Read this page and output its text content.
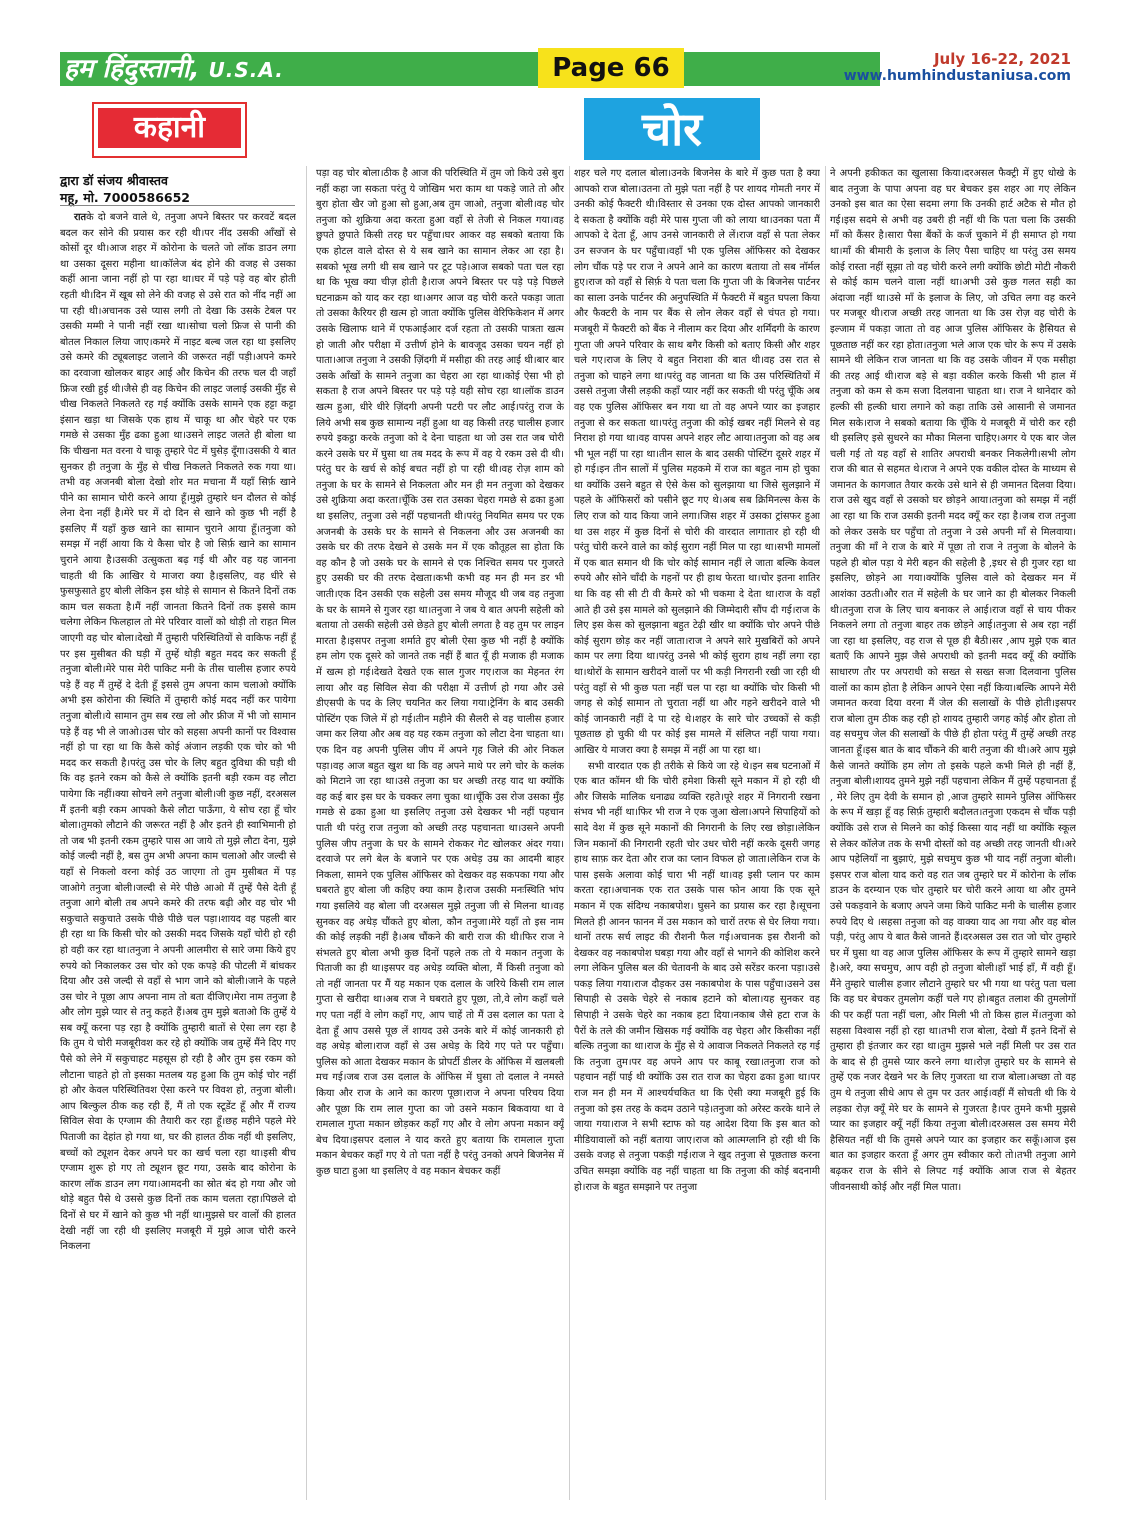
हम हिंदुस्तानी, U.S.A.	Page 66	July 16-22, 2021
www.humhindustaniusa.com
कहानी	चोर
द्वारा डॉ संजय श्रीवास्तव
महू, मो. 7000586652

रातके दो बजने वाले थे, तनुजा अपने बिस्तर पर करवटें बदल बदल कर सोने की प्रयास कर रही थी।पर नींद उसकी आँखों से कोसों दूर थी।आज शहर में कोरोना के चलते जो लॉक डाउन लगा था उसका दूसरा महीना था।कॉलेज बंद होने की वजह से उसका कहीं आना जाना नहीं हो पा रहा था।घर में पड़े पड़े वह बोर होती रहती थी।दिन में खूब सो लेने की वजह से उसे रात को नींद नहीं आ पा रही थी।अचानक उसे प्यास लगी तो देखा कि उसके टेबल पर उसकी मम्मी ने पानी नहीं रखा था।सोचा चलो फ्रिज से पानी की बोतल निकाल लिया जाए।कमरे में नाइट बल्ब जल रहा था इसलिए उसे कमरे की ट्यूबलाइट जलाने की जरूरत नहीं पड़ी।अपने कमरे का दरवाजा खोलकर बाहर आई और किचेन की तरफ चल दी जहाँ फ्रिज रखी हुई थी।जैसे ही वह किचेन की लाइट जलाई उसकी मुँह से चीख निकलते निकलते रह गई क्योंकि उसके सामने एक हट्टा कट्टा इंसान खड़ा था जिसके एक हाथ में चाकू था और चेहरे पर एक गमछे से उसका मुँह ढका हुआ था।उसने लाइट जलते ही बोला था कि चीखना मत वरना ये चाकू तुम्हारे पेट में घुसेड़ दूँगा।उसकी ये बात सुनकर ही तनुजा के मुँह से चीख निकलते निकलते रुक गया था।तभी वह अजनबी बोला देखो शोर मत मचाना मैं यहाँ सिर्फ़ खाने पीने का सामान चोरी करने आया हूँ।मुझे तुम्हारे धन दौलत से कोई लेना देना नहीं है।मेरे घर में दो दिन से खाने को कुछ भी नहीं है इसलिए मैं यहाँ कुछ खाने का सामान चुराने आया हूँ।तनुजा को समझ में नहीं आया कि ये कैसा चोर है जो सिर्फ़ खाने का सामान चुराने आया है।उसकी उत्सुकता बढ़ गई थी और वह यह जानना चाहती थी कि आखिर ये माजरा क्या है।इसलिए, वह धीरे से फुसफुसाते हुए बोली लेकिन इस थोड़े से सामान से कितने दिनों तक काम चल सकता है।मैं नहीं जानता कितने दिनों तक इससे काम चलेगा लेकिन फिलहाल तो मेरे परिवार वालों को थोड़ी तो राहत मिल जाएगी वह चोर बोला।देखो मैं तुम्हारी परिस्थितियों से वाकिफ नहीं हूँ पर इस मुसीबत की घड़ी में तुम्हें थोड़ी बहुत मदद कर सकती हूँ तनुजा बोली।मेरे पास मेरी पाकिट मनी के तीस चालीस हजार रुपये पड़े हैं वह मैं तुम्हें दे देती हूँ इससे तुम अपना काम चलाओ क्योंकि अभी इस कोरोना की स्थिति में तुम्हारी कोई मदद नहीं कर पायेगा तनुजा बोली।ये सामान तुम सब रख लो और फ्रीज में भी जो सामान पड़े हैं वह भी ले जाओ।उस चोर को सहसा अपनी कानों पर विश्वास नहीं हो पा रहा था कि कैसे कोई अंजान लड़की एक चोर को भी मदद कर सकती है।परंतु उस चोर के लिए बहुत दुविधा की घड़ी थी कि वह इतने रकम को कैसे ले क्योंकि इतनी बड़ी रकम वह लौटा पायेगा कि नहीं।क्या सोचने लगे तनुजा बोली।जी कुछ नहीं, दरअसल मैं इतनी बड़ी रकम आपको कैसे लौटा पाऊँगा, ये सोच रहा हूँ चोर बोला।तुमको लौटाने की जरूरत नहीं है और इतने ही स्वाभिमानी हो तो जब भी इतनी रकम तुम्हारे पास आ जाये तो मुझे लौटा देना, मुझे कोई जल्दी नहीं है, बस तुम अभी अपना काम चलाओ और जल्दी से यहाँ से निकलो वरना कोई उठ जाएगा तो तुम मुसीबत में पड़ जाओगे तनुजा बोली।जल्दी से मेरे पीछे आओ मैं तुम्हें पैसे देती हूँ तनुजा आगे बोली तब अपने कमरे की तरफ बढ़ी और वह चोर भी सकुचाते सकुचाते उसके पीछे पीछे चल पड़ा।शायद वह पहली बार ही रहा था कि किसी चोर को उसकी मदद जिसके यहाँ चोरी हो रही हो वही कर रहा था।तनुजा ने अपनी आलमीरा से सारे जमा किये हुए रुपये को निकालकर उस चोर को एक कपड़े की पोटली में बांधकर दिया और उसे जल्दी से वहाँ से भाग जाने को बोली।जाने के पहले उस चोर ने पूछा आप अपना नाम तो बता दीजिए।मेरा नाम तनुजा है और लोग मुझे प्यार से तनु कहते हैं।अब तुम मुझे बताओ कि तुम्हें ये सब क्यूँ करना पड़ रहा है क्योंकि तुम्हारी बातों से ऐसा लग रहा है कि तुम ये चोरी मजबूरीवश कर रहे हो क्योंकि जब तुम्हें मैंने दिए गए पैसे को लेने में सकुचाहट महसूस हो रही है और तुम इस रकम को लौटाना चाहते हो तो इसका मतलब यह हुआ कि तुम कोई चोर नहीं हो और केवल परिस्थितिवश ऐसा करने पर विवश हो, तनुजा बोली।आप बिल्कुल ठीक कह रही हैं, मैं तो एक स्टूडेंट हूँ और मैं राज्य सिविल सेवा के एग्जाम की तैयारी कर रहा हूँ।छह महीने पहले मेरे पिताजी का देहांत हो गया था, घर की हालत ठीक नहीं थी इसलिए, बच्चों को ट्यूशन देकर अपने घर का खर्च चला रहा था।इसी बीच एग्जाम शुरू हो गए तो ट्यूशन छूट गया, उसके बाद कोरोना के कारण लॉक डाउन लग गया।आमदनी का स्रोत बंद हो गया और जो थोड़े बहुत पैसे थे उससे कुछ दिनों तक काम चलता रहा।पिछले दो दिनों से घर में खाने को कुछ भी नहीं था।मुझसे घर वालों की हालत देखी नहीं जा रही थी इसलिए मजबूरी में मुझे आज चोरी करने निकलना

पड़ा वह चोर बोला।ठीक है आज की परिस्थिति में तुम जो किये उसे बुरा नहीं कहा जा सकता परंतु ये जोखिम भरा काम था पकड़े जाते तो और बुरा होता खैर जो हुआ सो हुआ,अब तुम जाओ, तनुजा बोली।वह चोर तनुजा को शुक्रिया अदा करता हुआ वहाँ से तेजी से निकल गया।वह छुपते छुपाते किसी तरह घर पहुँचा।घर आकर वह सबको बताया कि एक होटल वाले दोस्त से ये सब खाने का सामान लेकर आ रहा है।सबको भूख लगी थी सब खाने पर टूट पड़े।आज सबको पता चल रहा था कि भूख क्या चीज़ होती है।राज अपने बिस्तर पर पड़े पड़े पिछले घटनाक्रम को याद कर रहा था।अगर आज वह चोरी करते पकड़ा जाता तो उसका कैरियर ही खत्म हो जाता क्योंकि पुलिस वेरिफिकेशन में अगर उसके खिलाफ थाने में एफआईआर दर्ज रहता तो उसकी पात्रता खत्म हो जाती और परीक्षा में उत्तीर्ण होने के बावजूद उसका चयन नहीं हो पाता।आज तनुजा ने उसकी ज़िंदगी में मसीहा की तरह आई थी।बार बार उसके आँखों के सामने तनुजा का चेहरा आ रहा था।कोई ऐसा भी हो सकता है राज अपने बिस्तर पर पड़े पड़े यही सोच रहा था।लॉक डाउन खत्म हुआ, धीरे धीरे ज़िंदगी अपनी पटरी पर लौट आई।परंतु राज के लिये अभी सब कुछ सामान्य नहीं हुआ था वह किसी तरह चालीस हजार रुपये इकट्ठा करके तनुजा को दे देना चाहता था जो उस रात जब चोरी करने उसके घर में घुसा था तब मदद के रूप में वह ये रकम उसे दी थी।परंतु घर के खर्च से कोई बचत नहीं हो पा रही थी।वह रोज़ शाम को तनुजा के घर के सामने से निकलता और मन ही मन तनुजा को देखकर उसे शुक्रिया अदा करता।चूँकि उस रात उसका चेहरा गमछे से ढका हुआ था इसलिए, तनुजा उसे नहीं पहचानती थी।परंतु नियमित समय पर एक अजनबी के उसके घर के सामने से निकलना और उस अजनबी का उसके घर की तरफ देखने से उसके मन में एक कौतूहल सा होता कि वह कौन है जो उसके घर के सामने से एक निश्चित समय पर गुजरते हुए उसकी घर की तरफ देखता।कभी कभी वह मन ही मन डर भी जाती।एक दिन उसकी एक सहेली उस समय मौजूद थी जब वह तनुजा के घर के सामने से गुजर रहा था।तनुजा ने जब ये बात अपनी सहेली को बताया तो उसकी सहेली उसे छेड़ते हुए बोली लगता है वह तुम पर लाइन मारता है।इसपर तनुजा शर्माते हुए बोली ऐसा कुछ भी नहीं है क्योंकि हम लोग एक दूसरे को जानते तक नहीं हैं बात यूँ ही मजाक ही मजाक में खत्म हो गई।देखते देखते एक साल गुजर गए।राज का मेहनत रंग लाया और वह सिविल सेवा की परीक्षा में उत्तीर्ण हो गया और उसे डीएसपी के पद के लिए चयनित कर लिया गया।ट्रेनिंग के बाद उसकी पोस्टिंग एक जिले में हो गई।तीन महीने की सैलरी से वह चालीस हजार जमा कर लिया और अब वह यह रकम तनुजा को लौटा देना चाहता था।एक दिन वह अपनी पुलिस जीप में अपने गृह जिले की ओर निकल पड़ा।वह आज बहुत खुश था कि वह अपने माथे पर लगे चोर के कलंक को मिटाने जा रहा था।उसे तनुजा का घर अच्छी तरह याद था क्योंकि वह कई बार इस घर के चक्कर लगा चुका था।चूँकि उस रोज उसका मुँह गमछे से ढका हुआ था इसलिए तनुजा उसे देखकर भी नहीं पहचान पाती थी परंतु राज तनुजा को अच्छी तरह पहचानता था।उसने अपनी पुलिस जीप तनुजा के घर के सामने रोककर गेट खोलकर अंदर गया।दरवाजे पर लगे बेल के बजाने पर एक अधेड़ उम्र का आदमी बाहर निकला, सामने एक पुलिस ऑफिसर को देखकर वह सकपका गया और घबराते हुए बोला जी कहिए क्या काम है।राज उसकी मनःस्थिति भांप गया इसलिये वह बोला जी दरअसल मुझे तनुजा जी से मिलना था।वह सुनकर वह अधेड़ चौंकते हुए बोला, कौन तनुजा।मेरे यहाँ तो इस नाम की कोई लड़की नहीं है।अब चौंकने की बारी राज की थी।फिर राज ने संभलते हुए बोला अभी कुछ दिनों पहले तक तो ये मकान तनुजा के पिताजी का ही था।इसपर वह अधेड़ व्यक्ति बोला, मैं किसी तनुजा को तो नहीं जानता पर मैं यह मकान एक दलाल के जरिये किसी राम लाल गुप्ता से खरीदा था।अब राज ने घबराते हुए पूछा, तो,वे लोग कहाँ चले गए पता नहीं वे लोग कहाँ गए, आप चाहें तो मैं उस दलाल का पता दे देता हूँ आप उससे पूछ लें शायद उसे उनके बारे में कोई जानकारी हो वह अधेड़ बोला।राज वहाँ से उस अधेड़ के दिये गए पते पर पहुँचा।पुलिस को आता देखकर मकान के प्रोपर्टी डीलर के ऑफिस में खलबली मच गई।जब राज उस दलाल के ऑफिस में घुसा तो दलाल ने नमस्ते किया और राज के आने का कारण पूछा।राज ने अपना परिचय दिया और पूछा कि राम लाल गुप्ता का जो उसने मकान बिकवाया था वे रामलाल गुप्ता मकान छोड़कर कहाँ गए और वे लोग अपना मकान क्यूँ बेच दिया।इसपर दलाल ने याद करते हुए बताया कि रामलाल गुप्ता मकान बेचकर कहाँ गए ये तो पता नहीं है परंतु उनको अपने बिजनेस में कुछ घाटा हुआ था इसलिए वे वह मकान बेचकर कहीं

शहर चले गए दलाल बोला।उनके बिजनेस के बारे में कुछ पता है क्या आपको राज बोला।उतना तो मुझे पता नहीं है पर शायद गोमती नगर में उनकी कोई फैक्टरी थी।विस्तार से उनका एक दोस्त आपको जानकारी दे सकता है क्योंकि वही मेरे पास गुप्ता जी को लाया था।उनका पता मैं आपको दे देता हूँ, आप उनसे जानकारी ले लें।राज वहाँ से पता लेकर उन सज्जन के घर पहुँचा।वहाँ भी एक पुलिस ऑफिसर को देखकर लोग चौंक पड़े पर राज ने अपने आने का कारण बताया तो सब नॉर्मल हुए।राज को वहाँ से सिर्फ़ ये पता चला कि गुप्ता जी के बिजनेस पार्टनर का साला उनके पार्टनर की अनुपस्थिति में फैक्टरी में बहुत घपला किया और फैक्टरी के नाम पर बैंक से लोन लेकर वहाँ से चंपत हो गया।मजबूरी में फैक्टरी को बैंक ने नीलाम कर दिया और शर्मिंदगी के कारण गुप्ता जी अपने परिवार के साथ बगैर किसी को बताए किसी और शहर चले गए।राज के लिए ये बहुत निराशा की बात थी।वह उस रात से तनुजा को चाहने लगा था।परंतु वह जानता था कि उस परिस्थितियों में उससे तनुजा जैसी लड़की कहाँ प्यार नहीं कर सकती थी परंतु चूँकि अब वह एक पुलिस ऑफिसर बन गया था तो वह अपने प्यार का इजहार तनुजा से कर सकता था।परंतु तनुजा की कोई खबर नहीं मिलने से वह निराश हो गया था।वह वापस अपने शहर लौट आया।तनुजा को वह अब भी भूल नहीं पा रहा था।तीन साल के बाद उसकी पोस्टिंग दूसरे शहर में हो गई।इन तीन सालों में पुलिस महकमे में राज का बहुत नाम हो चुका था क्योंकि उसने बहुत से ऐसे केस को सुलझाया था जिसे सुलझाने में पहले के ऑफिसरों को पसीने छूट गए थे।अब सब क्रिमिनल्स केस के लिए राज को याद किया जाने लगा।जिस शहर में उसका ट्रांसफर हुआ था उस शहर में कुछ दिनों से चोरी की वारदात लागातार हो रही थी परंतु चोरी करने वाले का कोई सुराग नहीं मिल पा रहा था।सभी मामलों में एक बात समान थी कि चोर कोई सामान नहीं ले जाता बल्कि केवल रुपये और सोने चाँदी के गहनों पर ही हाथ फेरता था।चोर इतना शातिर था कि वह सी सी टी वी कैमरे को भी चकमा दे देता था।राज के वहाँ आते ही उसे इस मामले को सुलझाने की जिम्मेदारी सौंप दी गई।राज के लिए इस केस को सुलझाना बहुत टेढ़ी खीर था क्योंकि चोर अपने पीछे कोई सुराग छोड़ कर नहीं जाता।राज ने अपने सारे मुखबिरों को अपने काम पर लगा दिया था।परंतु उनसे भी कोई सुराग हाथ नहीं लगा रहा था।थोरों के सामान खरीदने वालों पर भी कड़ी निगरानी रखी जा रही थी परंतु वहाँ से भी कुछ पता नहीं चल पा रहा था क्योंकि चोर किसी भी जगह से कोई सामान तो चुराता नहीं था और गहने खरीदने वाले भी कोई जानकारी नहीं दे पा रहे थे।शहर के सारे चोर उच्चकों से कड़ी पूछताछ हो चुकी थी पर कोई इस मामले में संलिप्त नहीं पाया गया।आखिर ये माजरा क्या है समझ में नहीं आ पा रहा था।

सभी वारदात एक ही तरीके से किये जा रहे थे।इन सब घटनाओं में एक बात कॉमन थी कि चोरी हमेशा किसी सूने मकान में हो रही थी और जिसके मालिक धनाढ्य व्यक्ति रहते।पूरे शहर में निगरानी रखना संभव भी नहीं था।फिर भी राज ने एक जुआ खेला।अपने सिपाहियों को सादे वेश में कुछ सूने मकानों की निगरानी के लिए रख छोड़ा।लेकिन जिन मकानों की निगरानी रहती चोर उधर चोरी नहीं करके दूसरी जगह हाथ साफ़ कर देता और राज का प्लान विफल हो जाता।लेकिन राज के पास इसके अलावा कोई चारा भी नहीं था।वह इसी प्लान पर काम करता रहा।अचानक एक रात उसके पास फोन आया कि एक सूने मकान में एक संदिग्ध नकाबपोश। घुसने का प्रयास कर रहा है।सूचना मिलते ही आनन फानन में उस मकान को चारों तरफ से घेर लिया गया।थानों तरफ सर्च लाइट की रौशनी फैल गई।अचानक इस रौशनी को देखकर वह नकाबपोश घबड़ा गया और वहाँ से भागने की कोशिश करने लगा लेकिन पुलिस बल की चेतावनी के बाद उसे सरेंडर करना पड़ा।उसे पकड़ लिया गया।राज दौड़कर उस नकाबपोश के पास पहुँचा।उसने उस सिपाही से उसके चेहरे से नकाब हटाने को बोला।यह सुनकर वह सिपाही ने उसके चेहरे का नकाब हटा दिया।नकाब जैसे हटा राज के पैरों के तले की जमीन खिसक गई क्योंकि वह चेहरा और किसीका नहीं बल्कि तनुजा का था।राज के मुँह से ये आवाज निकलते निकलते रह गई कि तनुजा तुम।पर वह अपने आप पर काबू रखा।तनुजा राज को पहचान नहीं पाई थी क्योंकि उस रात राज का चेहरा ढका हुआ था।पर राज मन ही मन में आश्चर्यचकित था कि ऐसी क्या मजबूरी हुई कि तनुजा को इस तरह के कदम उठाने पड़े।तनुजा को अरेस्ट करके थाने ले जाया गया।राज ने सभी स्टाफ को यह आदेश दिया कि इस बात को मीडियावालों को नहीं बताया जाए।राज को आत्मग्लानि हो रही थी कि उसके वजह से तनुजा पकड़ी गई।राज ने खुद तनुजा से पूछताछ करना उचित समझा क्योंकि वह नहीं चाहता था कि तनुजा की कोई बदनामी हो।राज के बहुत समझाने पर तनुजा

ने अपनी हकीकत का खुलासा किया।दरअसल फैक्ट्री में हुए धोखे के बाद तनुजा के पापा अपना वह घर बेचकर इस शहर आ गए लेकिन उनको इस बात का ऐसा सदमा लगा कि उनकी हार्ट अटैक से मौत हो गई।इस सदमे से अभी वह उबरी ही नहीं थी कि पता चला कि उसकी माँ को कैंसर है।सारा पैसा बैंकों के कर्ज चुकाने में ही समाप्त हो गया था।माँ की बीमारी के इलाज के लिए पैसा चाहिए था परंतु उस समय कोई रास्ता नहीं सूझा तो वह चोरी करने लगी क्योंकि छोटी मोटी नौकरी से कोई काम चलने वाला नहीं था।अभी उसे कुछ गलत सही का अंदाजा नहीं था।उसे माँ के इलाज के लिए, जो उचित लगा वह करने पर मजबूर थी।राज अच्छी तरह जानता था कि उस रोज़ वह चोरी के इल्जाम में पकड़ा जाता तो वह आज पुलिस ऑफिसर के हैसियत से पूछताछ नहीं कर रहा होता।तनुजा भले आज एक चोर के रूप में उसके सामने थी लेकिन राज जानता था कि वह उसके जीवन में एक मसीहा की तरह आई थी।राज बड़े से बड़ा वकील करके किसी भी हाल में तनुजा को कम से कम सजा दिलवाना चाहता था। राज ने थानेदार को हल्की सी हल्की धारा लगाने को कहा ताकि उसे आसानी से जमानत मिल सके।राज ने सबको बताया कि चूँकि ये मजबूरी में चोरी कर रही थी इसलिए इसे सुधरने का मौका मिलना चाहिए।अगर ये एक बार जेल चली गई तो यह वहाँ से शातिर अपराधी बनकर निकलेगी।सभी लोग राज की बात से सहमत थे।राज ने अपने एक वकील दोस्त के माध्यम से जमानत के कागजात तैयार करके उसे थाने से ही जमानत दिलवा दिया।राज उसे खुद वहाँ से उसको घर छोड़ने आया।तनुजा को समझ में नहीं आ रहा था कि राज उसकी इतनी मदद क्यूँ कर रहा है।जब राज तनुजा को लेकर उसके घर पहुँचा तो तनुजा ने उसे अपनी माँ से मिलवाया।तनुजा की माँ ने राज के बारे में पूछा तो राज ने तनुजा के बोलने के पहले ही बोल पड़ा ये मेरी बहन की सहेली है ,इधर से ही गुजर रहा था इसलिए, छोड़ने आ गया।क्योंकि पुलिस वाले को देखकर मन में आशंका उठती।और रात में सहेली के घर जाने का ही बोलकर निकली थी।तनुजा राज के लिए चाय बनाकर ले आई।राज वहाँ से चाय पीकर निकलने लगा तो तनुजा बाहर तक छोड़ने आई।तनुजा से अब रहा नहीं जा रहा था इसलिए, वह राज से पूछ ही बैठी।सर ,आप मुझे एक बात बताएँ कि आपने मुझ जैसे अपराधी को इतनी मदद क्यूँ की क्योंकि साधारण तौर पर अपराधी को सख्त से सख्त सजा दिलवाना पुलिस वालों का काम होता है लेकिन आपने ऐसा नहीं किया।बल्कि आपने मेरी जमानत करवा दिया वरना मैं जेल की सलाखों के पीछे होती।इसपर राज बोला तुम ठीक कह रही हो शायद तुम्हारी जगह कोई और होता तो वह सचमुच जेल की सलाखों के पीछे ही होता परंतु मैं तुम्हें अच्छी तरह जानता हूँ।इस बात के बाद चौंकने की बारी तनुजा की थी।अरे आप मुझे कैसे जानते क्योंकि हम लोग तो इसके पहले कभी मिले ही नहीं हैं, तनुजा बोली।शायद तुमने मुझे नहीं पहचाना लेकिन मैं तुम्हें पहचानता हूँ , मेरे लिए तुम देवी के समान हो ,आज तुम्हारे सामने पुलिस ऑफिसर के रूप में खड़ा हूँ वह सिर्फ़ तुम्हारी बदौलत।तनुजा एकदम से चौंक पड़ी क्योंकि उसे राज से मिलने का कोई किस्सा याद नहीं था क्योंकि स्कूल से लेकर कॉलेज तक के सभी दोस्तों को वह अच्छी तरह जानती थी।अरे आप पहेलियाँ ना बुझाएं, मुझे सचमुच कुछ भी याद नहीं तनुजा बोली।इसपर राज बोला याद करो वह रात जब तुम्हारे घर में कोरोना के लॉक डाउन के दरम्यान एक चोर तुम्हारे घर चोरी करने आया था और तुमने उसे पकड़वाने के बजाए अपने जमा किये पाकिट मनी के चालीस हजार रुपये दिए थे ।सहसा तनुजा को वह वाक्या याद आ गया और वह बोल पड़ी, परंतु आप ये बात कैसे जानते हैं।दरअसल उस रात जो चोर तुम्हारे घर में घुसा था वह आज पुलिस ऑफिसर के रूप में तुम्हारे सामने खड़ा है।अरे, क्या सचमुच, आप वही हो तनुजा बोली।हाँ भाई हाँ, मैं वही हूँ।मैंने तुम्हारे चालीस हजार लौटाने तुम्हारे घर भी गया था परंतु पता चला कि वह घर बेचकर तुमलोग कहीं चले गए हो।बहुत तलाश की तुमलोगों की पर कहीं पता नहीं चला, और मिली भी तो किस हाल में।तनुजा को सहसा विश्वास नहीं हो रहा था।तभी राज बोला, देखो मैं इतने दिनों से तुम्हारा ही इंतजार कर रहा था।तुम मुझसे भले नहीं मिली पर उस रात के बाद से ही तुमसे प्यार करने लगा था।रोज़ तुम्हारे घर के सामने से तुम्हें एक नजर देखने भर के लिए गुजरता था राज बोला।अच्छा तो वह तुम थे तनुजा सीधे आप से तुम पर उतर आई।वहीं मैं सोचती थी कि ये लड़का रोज़ क्यूँ मेरे घर के सामने से गुजरता है।पर तुमने कभी मुझसे प्यार का इजहार क्यूँ नहीं किया तनुजा बोली।दरअसल उस समय मेरी हैसियत नहीं थी कि तुमसे अपने प्यार का इजहार कर सकूँ।आज इस बात का इजहार करता हूँ अगर तुम स्वीकार करो तो।तभी तनुजा आगे बढ़कर राज के सीने से लिपट गई क्योंकि आज राज से बेहतर जीवनसाथी कोई और नहीं मिल पाता।
